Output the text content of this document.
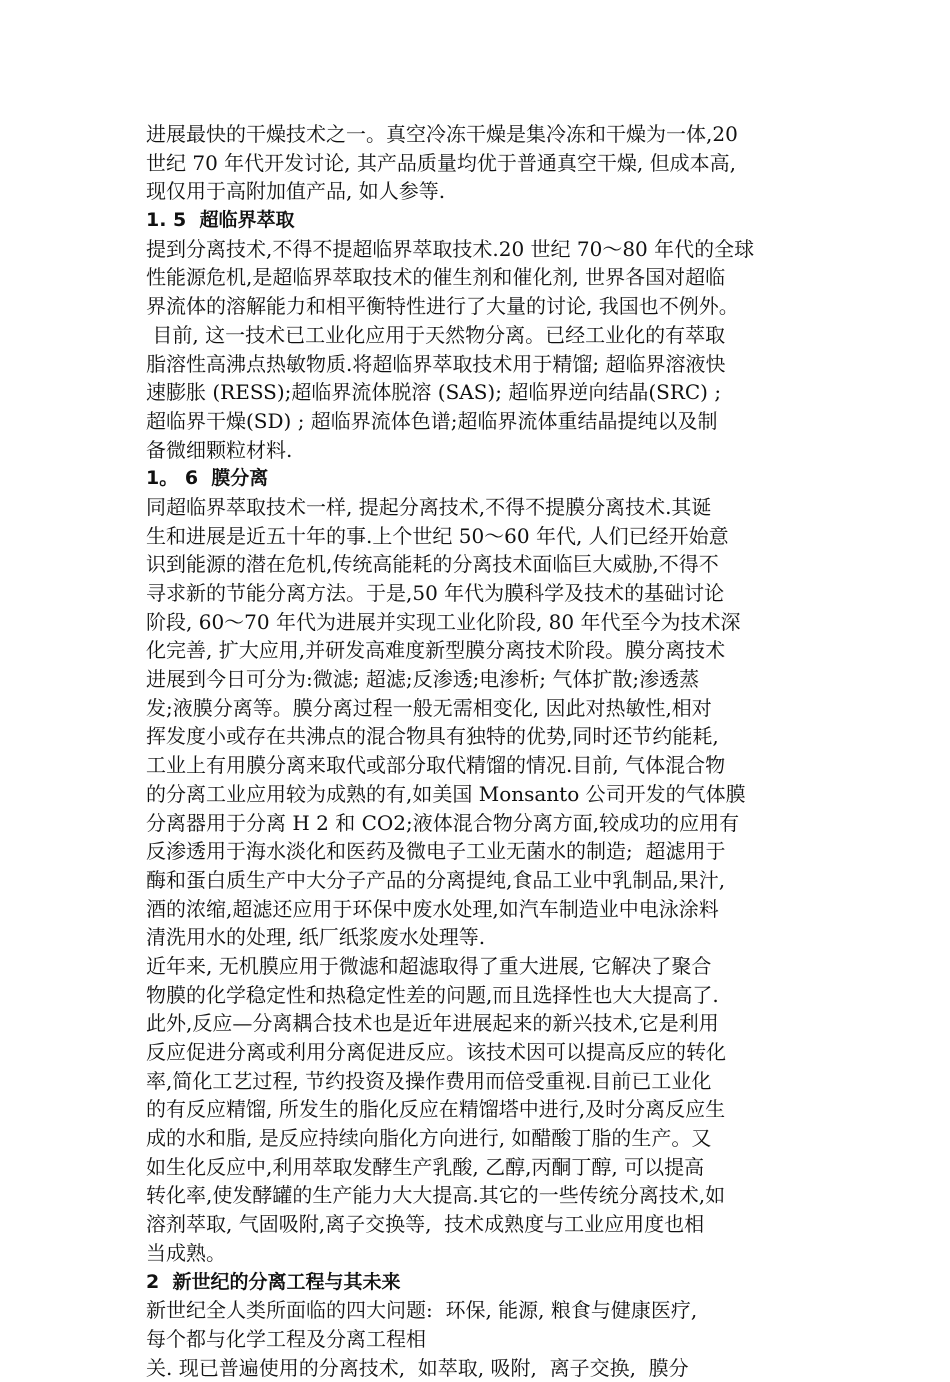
进展最快的干燥技术之一。真空冷冻干燥是集冷冻和干燥为一体,20
世纪 70 年代开发讨论, 其产品质量均优于普通真空干燥, 但成本高,
现仅用于高附加值产品, 如人参等.
1. 5  超临界萃取
提到分离技术,不得不提超临界萃取技术.20 世纪 70～80 年代的全球
性能源危机,是超临界萃取技术的催生剂和催化剂, 世界各国对超临
界流体的溶解能力和相平衡特性进行了大量的讨论, 我国也不例外。
目前, 这一技术已工业化应用于天然物分离。已经工业化的有萃取
脂溶性高沸点热敏物质.将超临界萃取技术用于精馏; 超临界溶液快
速膨胀 (RESS);超临界流体脱溶 (SAS); 超临界逆向结晶(SRC) ;
超临界干燥(SD) ; 超临界流体色谱;超临界流体重结晶提纯以及制
备微细颗粒材料.
1。 6  膜分离
同超临界萃取技术一样, 提起分离技术,不得不提膜分离技术.其诞
生和进展是近五十年的事.上个世纪 50～60 年代, 人们已经开始意
识到能源的潜在危机,传统高能耗的分离技术面临巨大威胁,不得不
寻求新的节能分离方法。于是,50 年代为膜科学及技术的基础讨论
阶段, 60～70 年代为进展并实现工业化阶段, 80 年代至今为技术深
化完善, 扩大应用,并研发高难度新型膜分离技术阶段。膜分离技术
进展到今日可分为:微滤; 超滤;反渗透;电渗析; 气体扩散;渗透蒸
发;液膜分离等。膜分离过程一般无需相变化, 因此对热敏性,相对
挥发度小或存在共沸点的混合物具有独特的优势,同时还节约能耗,
工业上有用膜分离来取代或部分取代精馏的情况.目前, 气体混合物
的分离工业应用较为成熟的有,如美国 Monsanto 公司开发的气体膜
分离器用于分离 H 2 和 CO2;液体混合物分离方面,较成功的应用有
反渗透用于海水淡化和医药及微电子工业无菌水的制造;  超滤用于
酶和蛋白质生产中大分子产品的分离提纯,食品工业中乳制品,果汁,
酒的浓缩,超滤还应用于环保中废水处理,如汽车制造业中电泳涂料
清洗用水的处理, 纸厂纸浆废水处理等.
近年来, 无机膜应用于微滤和超滤取得了重大进展, 它解决了聚合
物膜的化学稳定性和热稳定性差的问题,而且选择性也大大提高了.
此外,反应—分离耦合技术也是近年进展起来的新兴技术,它是利用
反应促进分离或利用分离促进反应。该技术因可以提高反应的转化
率,简化工艺过程, 节约投资及操作费用而倍受重视.目前已工业化
的有反应精馏, 所发生的脂化反应在精馏塔中进行,及时分离反应生
成的水和脂, 是反应持续向脂化方向进行, 如醋酸丁脂的生产。又
如生化反应中,利用萃取发酵生产乳酸, 乙醇,丙酮丁醇, 可以提高
转化率,使发酵罐的生产能力大大提高.其它的一些传统分离技术,如
溶剂萃取, 气固吸附,离子交换等,  技术成熟度与工业应用度也相
当成熟。
2  新世纪的分离工程与其未来
新世纪全人类所面临的四大问题:  环保, 能源, 粮食与健康医疗,
每个都与化学工程及分离工程相
关. 现已普遍使用的分离技术,  如萃取, 吸附,  离子交换,  膜分
